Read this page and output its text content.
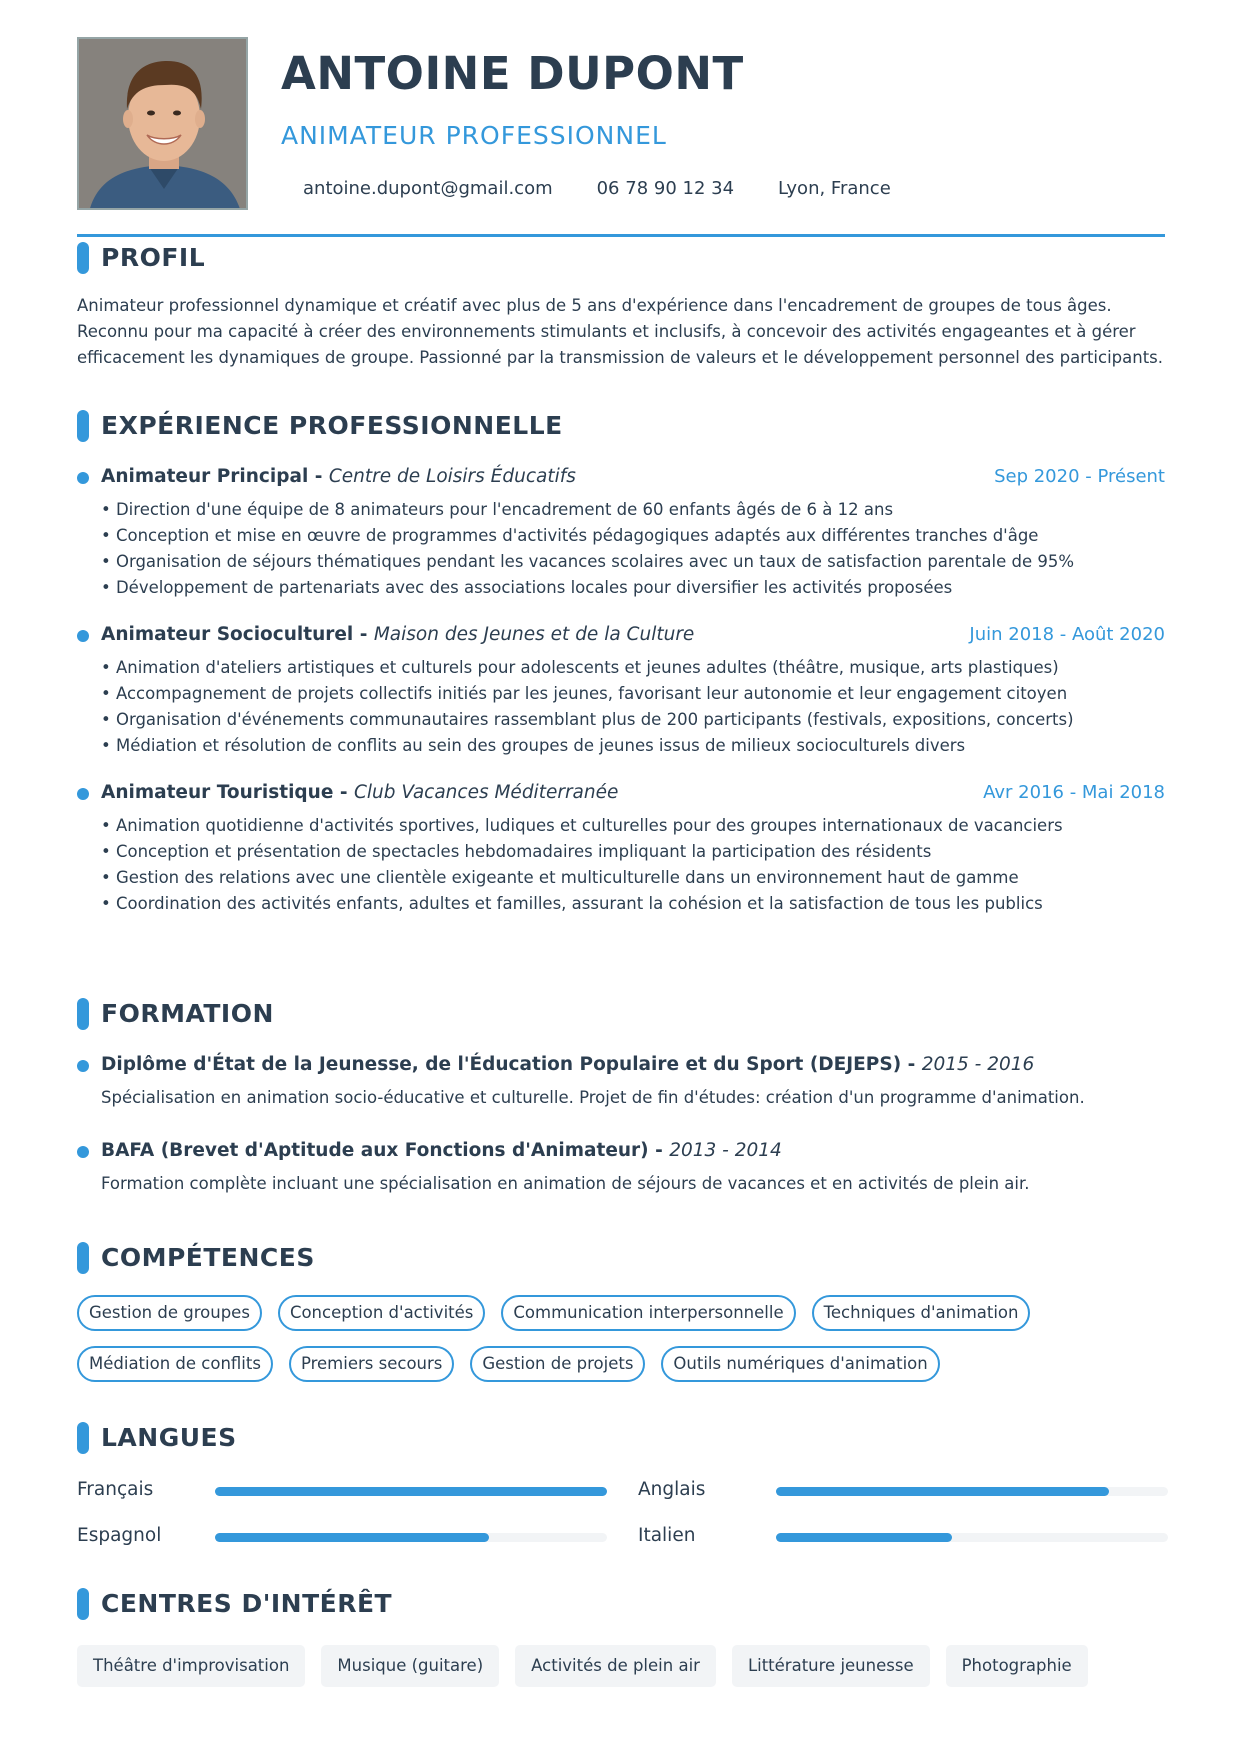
ANTOINE DUPONT
ANIMATEUR PROFESSIONNEL
antoine.dupont@gmail.com 06 78 90 12 34 Lyon, France
PROFIL

Animateur professionnel dynamique et créatif avec plus de 5 ans d'expérience dans l'encadrement de groupes de tous âges. Reconnu pour ma capacité à créer des environnements stimulants et inclusifs, à concevoir des activités engageantes et à gérer efficacement les dynamiques de groupe. Passionné par la transmission de valeurs et le développement personnel des participants.

EXPÉRIENCE PROFESSIONNELLE
Animateur Principal - Centre de Loisirs Éducatifs	Sep 2020 - Présent
• Direction d'une équipe de 8 animateurs pour l'encadrement de 60 enfants âgés de 6 à 12 ans
• Conception et mise en œuvre de programmes d'activités pédagogiques adaptés aux différentes tranches d'âge
• Organisation de séjours thématiques pendant les vacances scolaires avec un taux de satisfaction parentale de 95%
• Développement de partenariats avec des associations locales pour diversifier les activités proposées
Animateur Socioculturel - Maison des Jeunes et de la Culture	Juin 2018 - Août 2020
• Animation d'ateliers artistiques et culturels pour adolescents et jeunes adultes (théâtre, musique, arts plastiques)
• Accompagnement de projets collectifs initiés par les jeunes, favorisant leur autonomie et leur engagement citoyen
• Organisation d'événements communautaires rassemblant plus de 200 participants (festivals, expositions, concerts)
• Médiation et résolution de conflits au sein des groupes de jeunes issus de milieux socioculturels divers
Animateur Touristique - Club Vacances Méditerranée	Avr 2016 - Mai 2018
• Animation quotidienne d'activités sportives, ludiques et culturelles pour des groupes internationaux de vacanciers
• Conception et présentation de spectacles hebdomadaires impliquant la participation des résidents
• Gestion des relations avec une clientèle exigeante et multiculturelle dans un environnement haut de gamme
• Coordination des activités enfants, adultes et familles, assurant la cohésion et la satisfaction de tous les publics
FORMATION
Diplôme d'État de la Jeunesse, de l'Éducation Populaire et du Sport (DEJEPS) - 2015 - 2016

Spécialisation en animation socio-éducative et culturelle. Projet de fin d'études: création d'un programme d'animation.

BAFA (Brevet d'Aptitude aux Fonctions d'Animateur) - 2013 - 2014

Formation complète incluant une spécialisation en animation de séjours de vacances et en activités de plein air.

COMPÉTENCES
Gestion de groupes	Conception d'activités	Communication interpersonnelle	Techniques d'animation
Médiation de conflits	Premiers secours	Gestion de projets	Outils numériques d'animation
LANGUES
Français	Anglais
Espagnol	Italien
CENTRES D'INTÉRÊT
Théâtre d'improvisation	Musique (guitare)	Activités de plein air	Littérature jeunesse	Photographie
